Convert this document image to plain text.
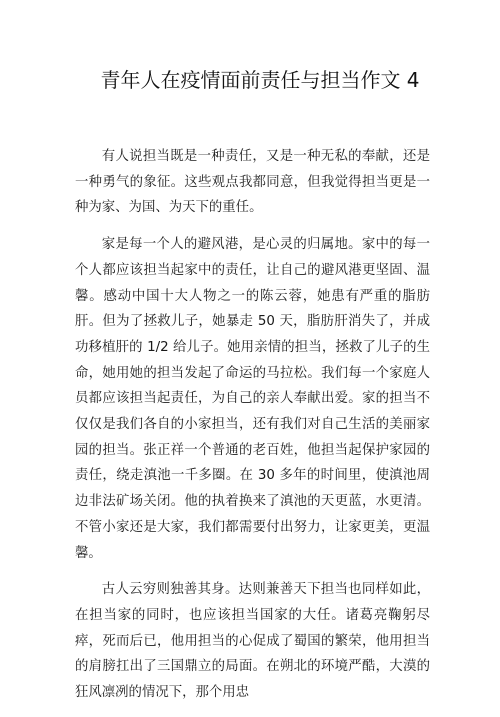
青年人在疫情面前责任与担当作文 4

有人说担当既是一种责任，又是一种无私的奉献，还是一种勇气的象征。这些观点我都同意，但我觉得担当更是一种为家、为国、为天下的重任。

家是每一个人的避风港，是心灵的归属地。家中的每一个人都应该担当起家中的责任，让自己的避风港更坚固、温馨。感动中国十大人物之一的陈云蓉，她患有严重的脂肪肝。但为了拯救儿子，她暴走 50 天，脂肪肝消失了，并成功移植肝的 1/2 给儿子。她用亲情的担当，拯救了儿子的生命，她用她的担当发起了命运的马拉松。我们每一个家庭人员都应该担当起责任，为自己的亲人奉献出爱。家的担当不仅仅是我们各自的小家担当，还有我们对自己生活的美丽家园的担当。张正祥一个普通的老百姓，他担当起保护家园的责任，绕走滇池一千多圈。在 30 多年的时间里，使滇池周边非法矿场关闭。他的执着换来了滇池的天更蓝，水更清。不管小家还是大家，我们都需要付出努力，让家更美，更温馨。

古人云穷则独善其身。达则兼善天下担当也同样如此，在担当家的同时，也应该担当国家的大任。诸葛亮鞠躬尽瘁，死而后已，他用担当的心促成了蜀国的繁荣，他用担当的肩膀扛出了三国鼎立的局面。在朔北的环境严酷，大漠的狂风凛冽的情况下，那个用忠
